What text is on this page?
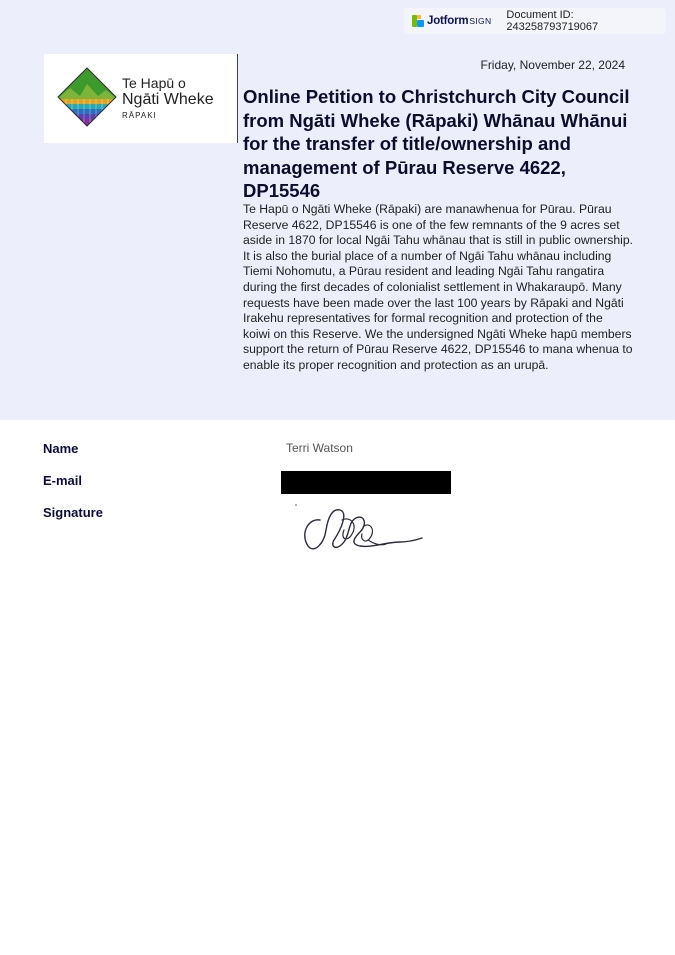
Jotform SIGN Document ID: 243258793719067
Te Hapū o
Ngāti Wheke
RĀPAKI
Friday, November 22, 2024
Online Petition to Christchurch City Council from Ngāti Wheke (Rāpaki) Whānau Whānui for the transfer of title/ownership and management of Pūrau Reserve 4622, DP15546

Te Hapū o Ngāti Wheke (Rāpaki) are manawhenua for Pūrau. Pūrau Reserve 4622, DP15546 is one of the few remnants of the 9 acres set aside in 1870 for local Ngāi Tahu whānau that is still in public ownership. It is also the burial place of a number of Ngāi Tahu whānau including Tiemi Nohomutu, a Pūrau resident and leading Ngāi Tahu rangatira during the first decades of colonialist settlement in Whakaraupō. Many requests have been made over the last 100 years by Rāpaki and Ngāti Irakehu representatives for formal recognition and protection of the koiwi on this Reserve. We the undersigned Ngāti Wheke hapū members support the return of Pūrau Reserve 4622, DP15546 to mana whenua to enable its proper recognition and protection as an urupā.

Name	Terri Watson
E-mail
Signature
